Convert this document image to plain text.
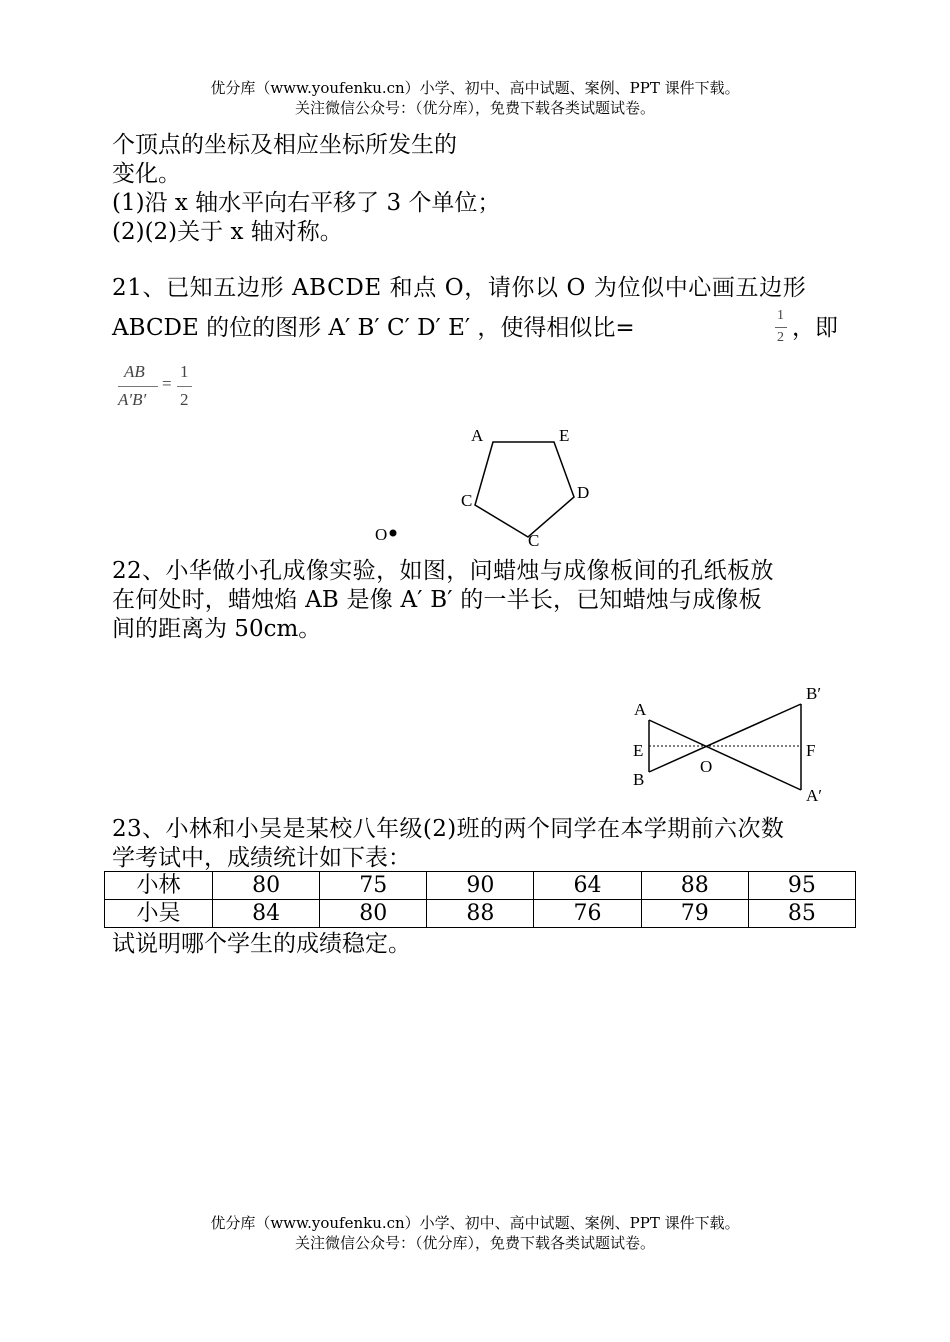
优分库（www.youfenku.cn）小学、初中、高中试题、案例、PPT 课件下载。
关注微信公众号：（优分库），免费下载各类试题试卷。
个顶点的坐标及相应坐标所发生的
变化。
(1)沿 x 轴水平向右平移了 3 个单位；
(2)(2)关于 x 轴对称。
21、已知五边形 ABCDE 和点 O，请你以 O 为位似中心画五边形
ABCDE 的位的图形 A′ B′ C′ D′ E′ ，使得相似比=	1
2 ，即
AB
A′B′
=
1
2
A	E
C	D
C
O
22、小华做小孔成像实验，如图，问蜡烛与成像板间的孔纸板放
在何处时，蜡烛焰 AB 是像 A′ B′ 的一半长，已知蜡烛与成像板
间的距离为 50cm。
A
E
B
O
F
B′
A′
23、小林和小吴是某校八年级(2)班的两个同学在本学期前六次数
学考试中，成绩统计如下表：
小林	80	75	90	64	88	95
小吴	84	80	88	76	79	85
试说明哪个学生的成绩稳定。
优分库（www.youfenku.cn）小学、初中、高中试题、案例、PPT 课件下载。
关注微信公众号：（优分库），免费下载各类试题试卷。
